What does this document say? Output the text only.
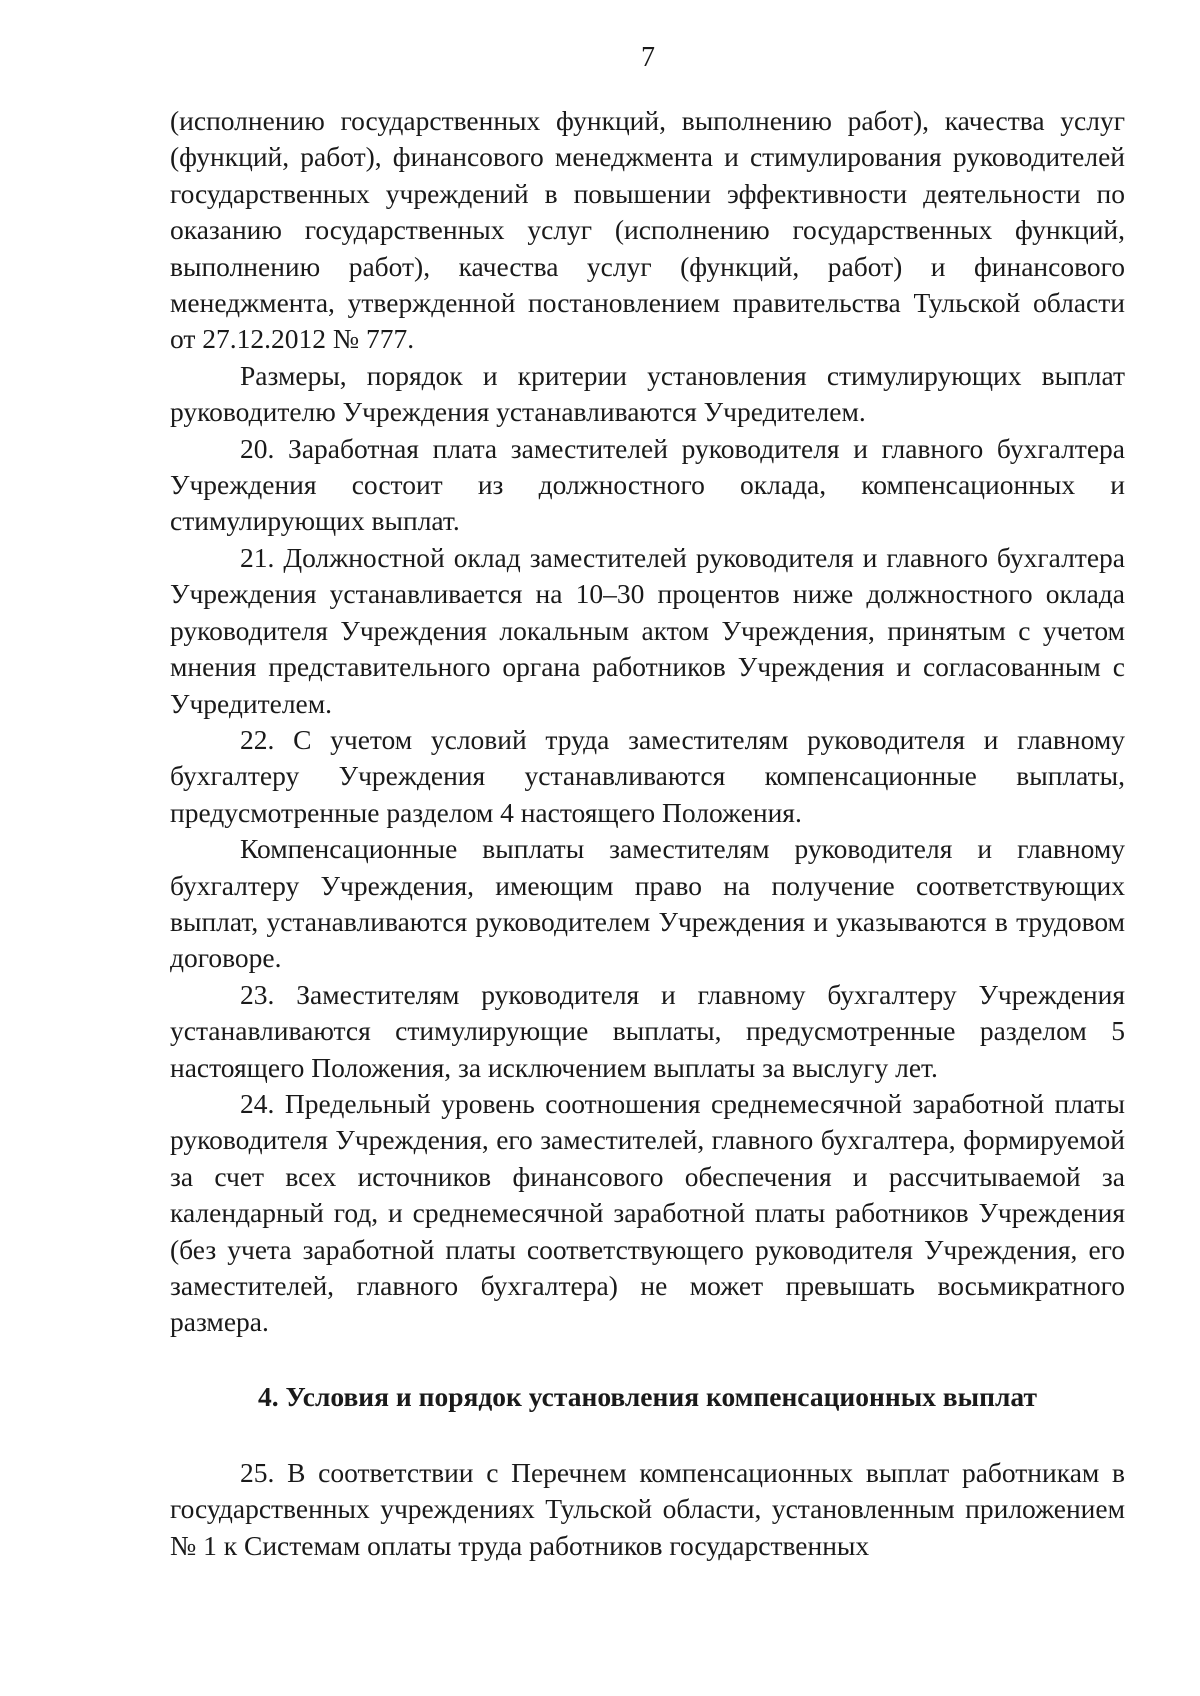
7

(исполнению государственных функций, выполнению работ), качества услуг (функций, работ), финансового менеджмента и стимулирования руководителей государственных учреждений в повышении эффективности деятельности по оказанию государственных услуг (исполнению государственных функций, выполнению работ), качества услуг (функций, работ) и финансового менеджмента, утвержденной постановлением правительства Тульской области от 27.12.2012 № 777.

Размеры, порядок и критерии установления стимулирующих выплат руководителю Учреждения устанавливаются Учредителем.

20. Заработная плата заместителей руководителя и главного бухгалтера Учреждения состоит из должностного оклада, компенсационных и стимулирующих выплат.

21. Должностной оклад заместителей руководителя и главного бухгалтера Учреждения устанавливается на 10–30 процентов ниже должностного оклада руководителя Учреждения локальным актом Учреждения, принятым с учетом мнения представительного органа работников Учреждения и согласованным с Учредителем.

22. С учетом условий труда заместителям руководителя и главному бухгалтеру Учреждения устанавливаются компенсационные выплаты, предусмотренные разделом 4 настоящего Положения.

Компенсационные выплаты заместителям руководителя и главному бухгалтеру Учреждения, имеющим право на получение соответствующих выплат, устанавливаются руководителем Учреждения и указываются в трудовом договоре.

23. Заместителям руководителя и главному бухгалтеру Учреждения устанавливаются стимулирующие выплаты, предусмотренные разделом 5 настоящего Положения, за исключением выплаты за выслугу лет.

24. Предельный уровень соотношения среднемесячной заработной платы руководителя Учреждения, его заместителей, главного бухгалтера, формируемой за счет всех источников финансового обеспечения и рассчитываемой за календарный год, и среднемесячной заработной платы работников Учреждения (без учета заработной платы соответствующего руководителя Учреждения, его заместителей, главного бухгалтера) не может превышать восьмикратного размера.

4. Условия и порядок установления компенсационных выплат

25. В соответствии с Перечнем компенсационных выплат работникам в государственных учреждениях Тульской области, установленным приложением № 1 к Системам оплаты труда работников государственных
